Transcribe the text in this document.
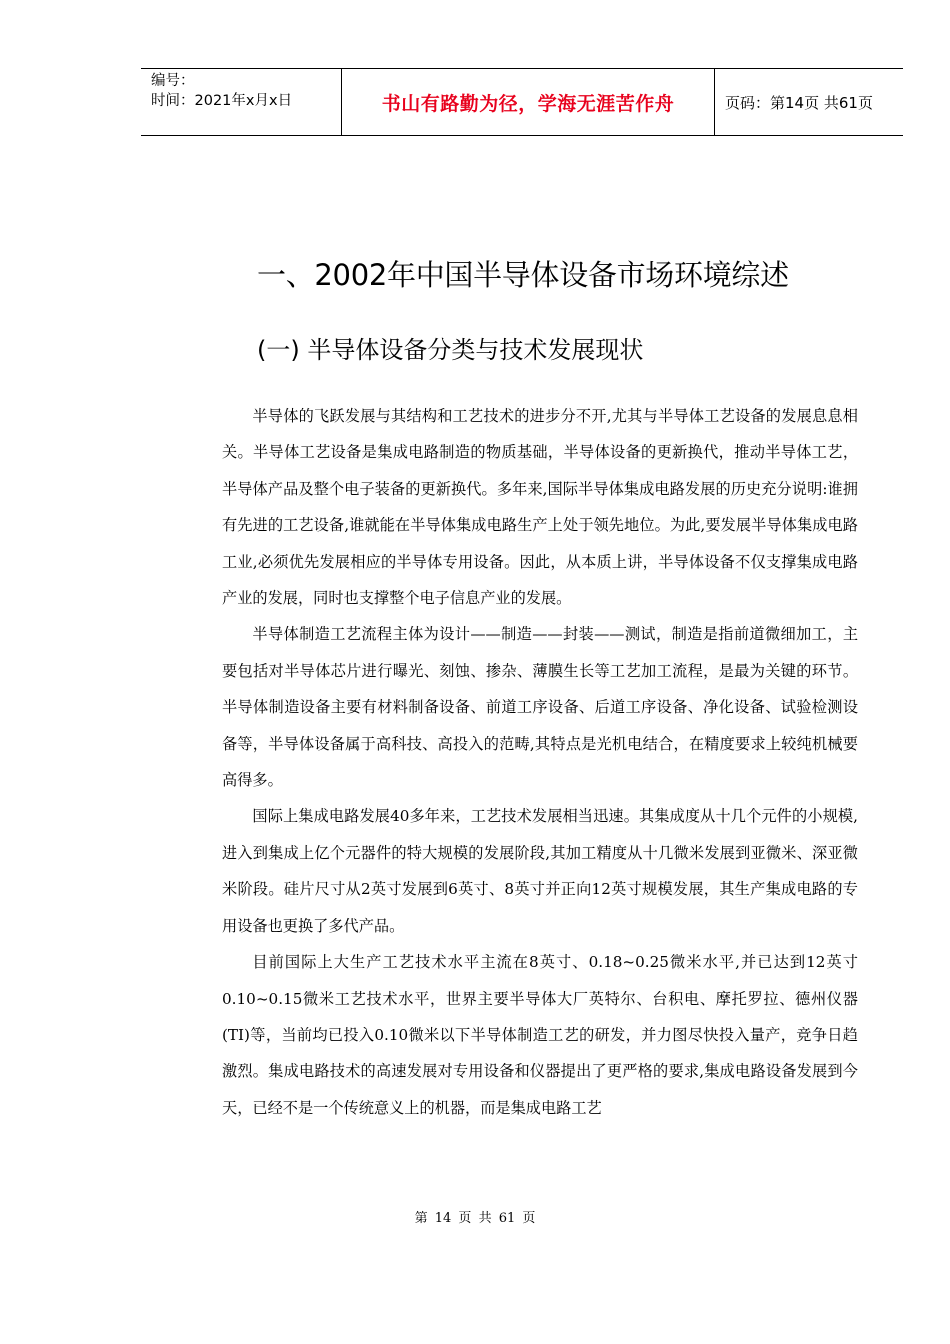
编号：
时间：2021年x月x日	书山有路勤为径，学海无涯苦作舟	页码：第14页 共61页
一、2002年中国半导体设备市场环境综述
(一) 半导体设备分类与技术发展现状

半导体的飞跃发展与其结构和工艺技术的进步分不开,尤其与半导体工艺设备的发展息息相关。半导体工艺设备是集成电路制造的物质基础，半导体设备的更新换代，推动半导体工艺，半导体产品及整个电子装备的更新换代。多年来,国际半导体集成电路发展的历史充分说明:谁拥有先进的工艺设备,谁就能在半导体集成电路生产上处于领先地位。为此,要发展半导体集成电路工业,必须优先发展相应的半导体专用设备。因此，从本质上讲，半导体设备不仅支撑集成电路产业的发展，同时也支撑整个电子信息产业的发展。

半导体制造工艺流程主体为设计——制造——封装——测试，制造是指前道微细加工，主要包括对半导体芯片进行曝光、刻蚀、掺杂、薄膜生长等工艺加工流程，是最为关键的环节。半导体制造设备主要有材料制备设备、前道工序设备、后道工序设备、净化设备、试验检测设备等，半导体设备属于高科技、高投入的范畴,其特点是光机电结合，在精度要求上较纯机械要高得多。

国际上集成电路发展40多年来，工艺技术发展相当迅速。其集成度从十几个元件的小规模,进入到集成上亿个元器件的特大规模的发展阶段,其加工精度从十几微米发展到亚微米、深亚微米阶段。硅片尺寸从2英寸发展到6英寸、8英寸并正向12英寸规模发展，其生产集成电路的专用设备也更换了多代产品。

目前国际上大生产工艺技术水平主流在8英寸、0.18~0.25微米水平,并已达到12英寸0.10~0.15微米工艺技术水平，世界主要半导体大厂英特尔、台积电、摩托罗拉、德州仪器(TI)等，当前均已投入0.10微米以下半导体制造工艺的研发，并力图尽快投入量产，竞争日趋激烈。集成电路技术的高速发展对专用设备和仪器提出了更严格的要求,集成电路设备发展到今天，已经不是一个传统意义上的机器，而是集成电路工艺

第 14 页 共 61 页
